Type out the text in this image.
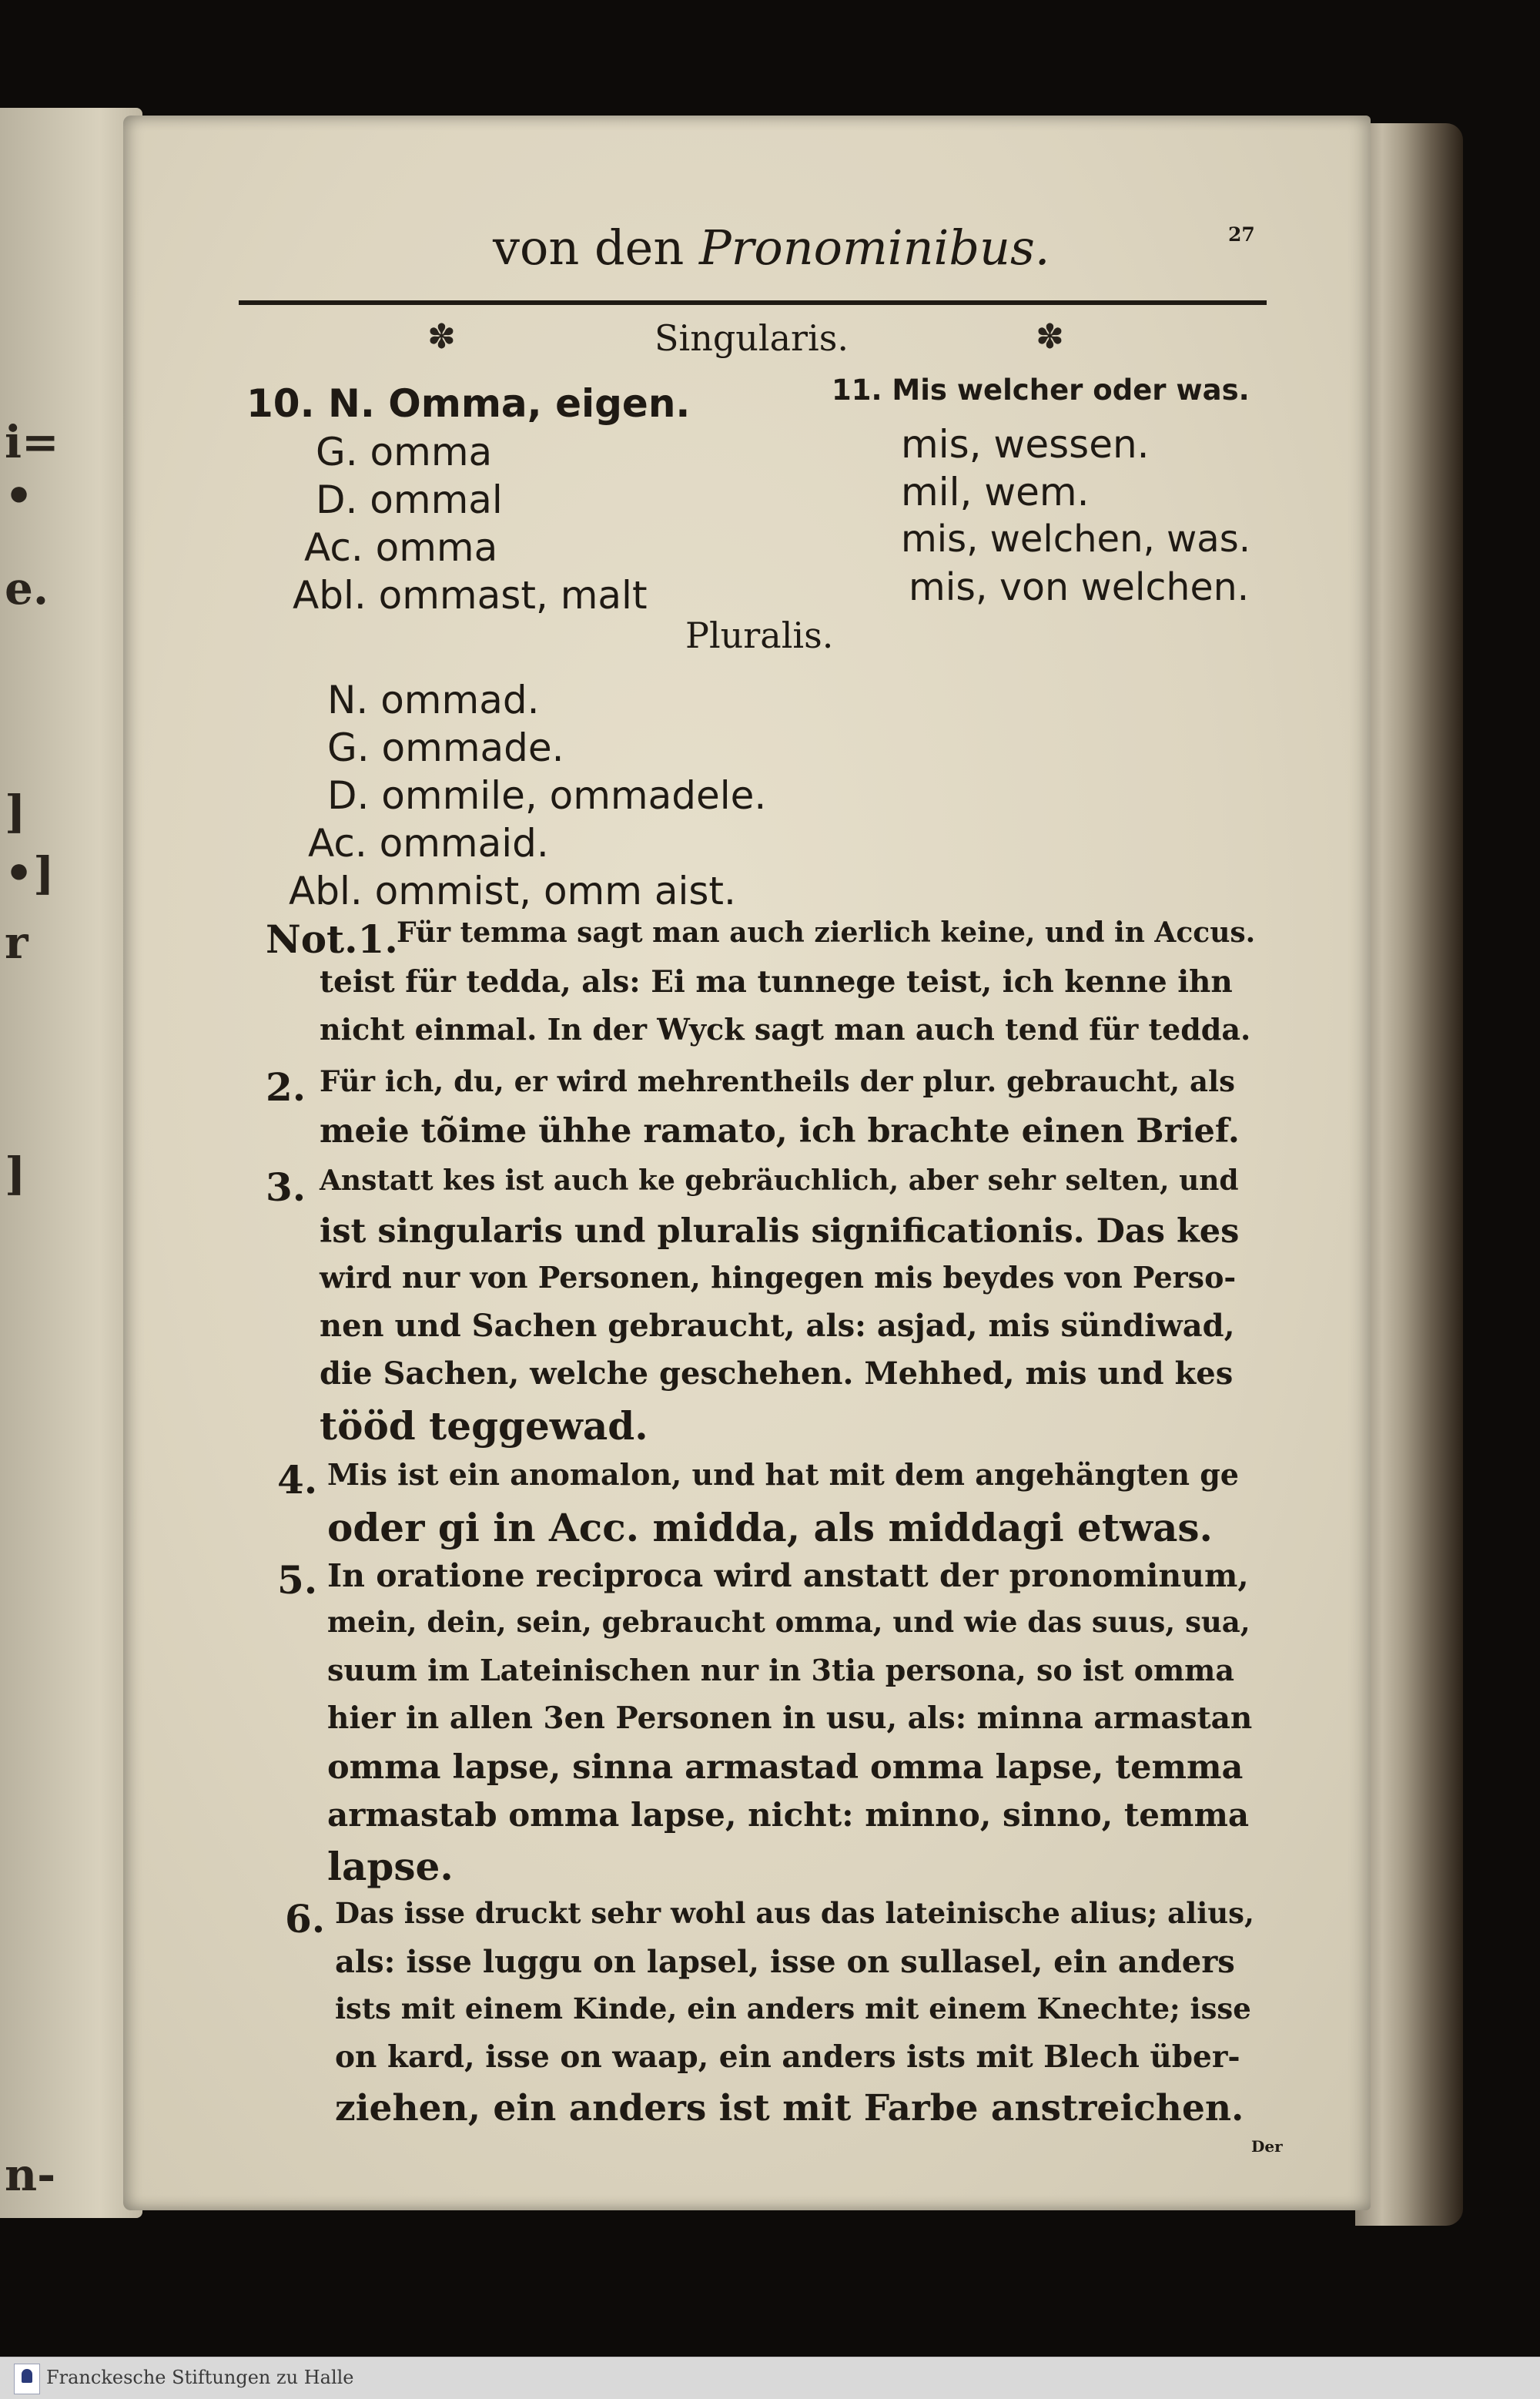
i=
•
e.
]
•]
r
]
n-
von den Pronominibus.	27
✽	✽
Singularis.
10. N. Omma, eigen.
G. omma
D. ommal
Ac. omma
Abl. ommast, malt
11. Mis welcher oder was.
mis, wessen.
mil, wem.
mis, welchen, was.
mis, von welchen.
Pluralis.
N. ommad.
G. ommade.
D. ommile, ommadele.
Ac. ommaid.
Abl. ommist, omm aist.
Not.1.
Für temma sagt man auch zierlich keine, und in Accus.
teist für tedda, als: Ei ma tunnege teist, ich kenne ihn
nicht einmal. In der Wyck sagt man auch tend für tedda.
2. Für ich, du, er wird mehrentheils der plur. gebraucht, als
meie tõime ühhe ramato, ich brachte einen Brief.
3. Anstatt kes ist auch ke gebräuchlich, aber sehr selten, und
ist singularis und pluralis significationis. Das kes
wird nur von Personen, hingegen mis beydes von Perso-
nen und Sachen gebraucht, als: asjad, mis sündiwad,
die Sachen, welche geschehen. Mehhed, mis und kes
tööd teggewad.
4. Mis ist ein anomalon, und hat mit dem angehängten ge
oder gi in Acc. midda, als middagi etwas.
5. In oratione reciproca wird anstatt der pronominum,
mein, dein, sein, gebraucht omma, und wie das suus, sua,
suum im Lateinischen nur in 3tia persona, so ist omma
hier in allen 3en Personen in usu, als: minna armastan
omma lapse, sinna armastad omma lapse, temma
armastab omma lapse, nicht: minno, sinno, temma
lapse.
6. Das isse druckt sehr wohl aus das lateinische alius; alius,
als: isse luggu on lapsel, isse on sullasel, ein anders
ists mit einem Kinde, ein anders mit einem Knechte; isse
on kard, isse on waap, ein anders ists mit Blech über-
ziehen, ein anders ist mit Farbe anstreichen.
Der
Franckesche Stiftungen zu Halle
